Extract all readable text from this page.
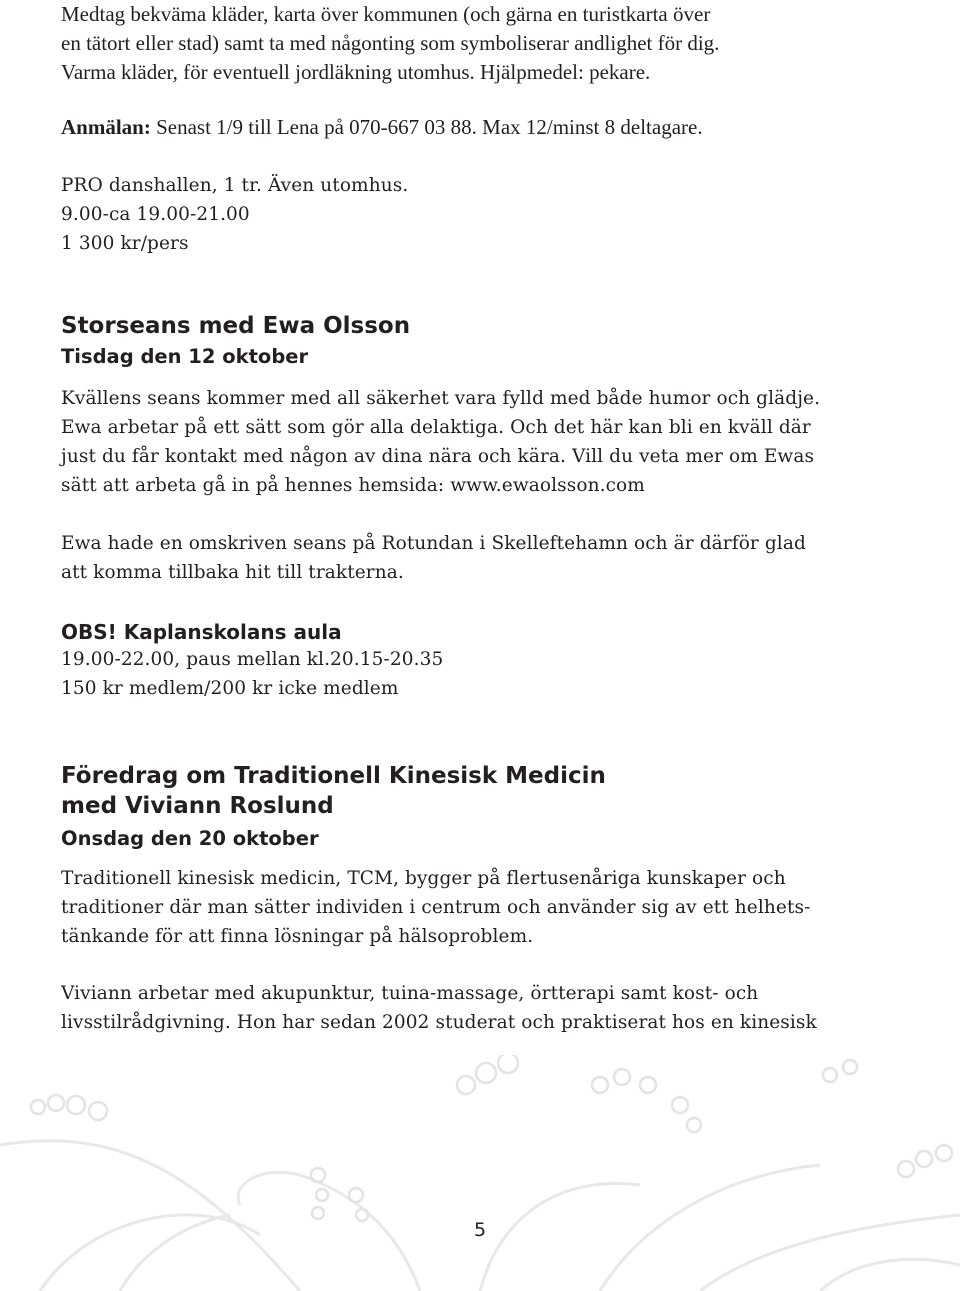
Medtag bekväma kläder, karta över kommunen (och gärna en turistkarta över
en tätort eller stad) samt ta med någonting som symboliserar andlighet för dig.
Varma kläder, för eventuell jordläkning utomhus. Hjälpmedel: pekare.
Anmälan: Senast 1/9 till Lena på 070-667 03 88. Max 12/minst 8 deltagare.
PRO danshallen, 1 tr. Även utomhus.
9.00-ca 19.00-21.00
1 300 kr/pers
Storseans med Ewa Olsson
Tisdag den 12 oktober
Kvällens seans kommer med all säkerhet vara fylld med både humor och glädje.
Ewa arbetar på ett sätt som gör alla delaktiga. Och det här kan bli en kväll där
just du får kontakt med någon av dina nära och kära. Vill du veta mer om Ewas
sätt att arbeta gå in på hennes hemsida: www.ewaolsson.com
Ewa hade en omskriven seans på Rotundan i Skelleftehamn och är därför glad
att komma tillbaka hit till trakterna.
OBS! Kaplanskolans aula
19.00-22.00, paus mellan kl.20.15-20.35
150 kr medlem/200 kr icke medlem
Föredrag om Traditionell Kinesisk Medicin
med Viviann Roslund
Onsdag den 20 oktober
Traditionell kinesisk medicin, TCM, bygger på flertusenåriga kunskaper och
traditioner där man sätter individen i centrum och använder sig av ett helhets-
tänkande för att finna lösningar på hälsoproblem.
Viviann arbetar med akupunktur, tuina-massage, örtterapi samt kost- och
livsstilrådgivning. Hon har sedan 2002 studerat och praktiserat hos en kinesisk
5
